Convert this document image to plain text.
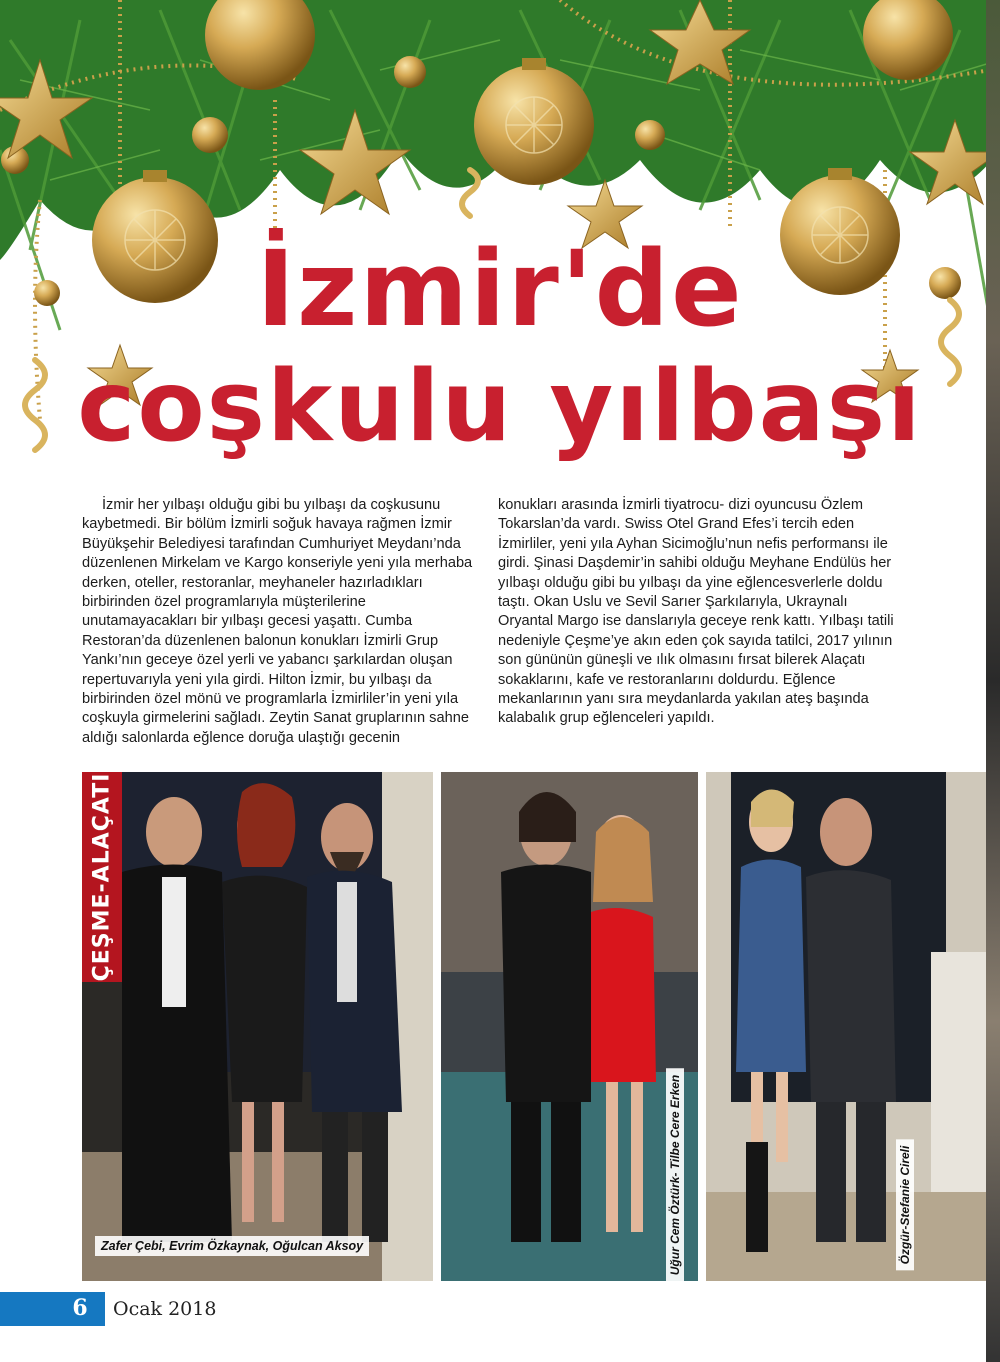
İzmir'de
coşkulu yılbaşı
İzmir her yılbaşı olduğu gibi bu yılbaşı da coşkusunu kaybetmedi. Bir bölüm İzmirli soğuk havaya rağmen İzmir Büyükşehir Belediyesi tarafından Cumhuriyet Meydanı’nda düzenlenen Mirkelam ve Kargo konseriyle yeni yıla merhaba derken, oteller, restoranlar, meyhaneler hazırladıkları birbirinden özel programlarıyla müşterilerine unutamayacakları bir yılbaşı gecesi yaşattı. Cumba Restoran’da düzenlenen balonun konukları İzmirli Grup Yankı’nın geceye özel yerli ve yabancı şarkılardan oluşan repertuvarıyla yeni yıla girdi. Hilton İzmir, bu yılbaşı da birbirinden özel mönü ve programlarla İzmirliler’in yeni yıla coşkuyla girmelerini sağladı. Zeytin Sanat gruplarının sahne aldığı salonlarda eğlence doruğa ulaştığı gecenin
konukları arasında İzmirli tiyatrocu- dizi oyuncusu Özlem Tokarslan’da vardı. Swiss Otel Grand Efes’i tercih eden İzmirliler, yeni yıla Ayhan Sicimoğlu’nun nefis performansı ile girdi. Şinasi Daşdemir’in sahibi olduğu Meyhane Endülüs her yılbaşı olduğu gibi bu yılbaşı da yine eğlencesverlerle doldu taştı. Okan Uslu ve Sevil Sarıer Şarkılarıyla, Ukraynalı Oryantal Margo ise danslarıyla geceye renk kattı. Yılbaşı tatili nedeniyle Çeşme’ye akın eden çok sayıda tatilci, 2017 yılının son gününün güneşli ve ılık olmasını fırsat bilerek Alaçatı sokaklarını, kafe ve restoranlarını doldurdu. Eğlence mekanlarının yanı sıra meydanlarda yakılan ateş başında kalabalık grup eğlenceleri yapıldı.
ÇEŞME-ALAÇATI
Zafer Çebi, Evrim Özkaynak, Oğulcan Aksoy	Uğur Cem Öztürk- Tilbe Cere Erken	Özgür-Stefanie Cireli
6	Ocak 2018
